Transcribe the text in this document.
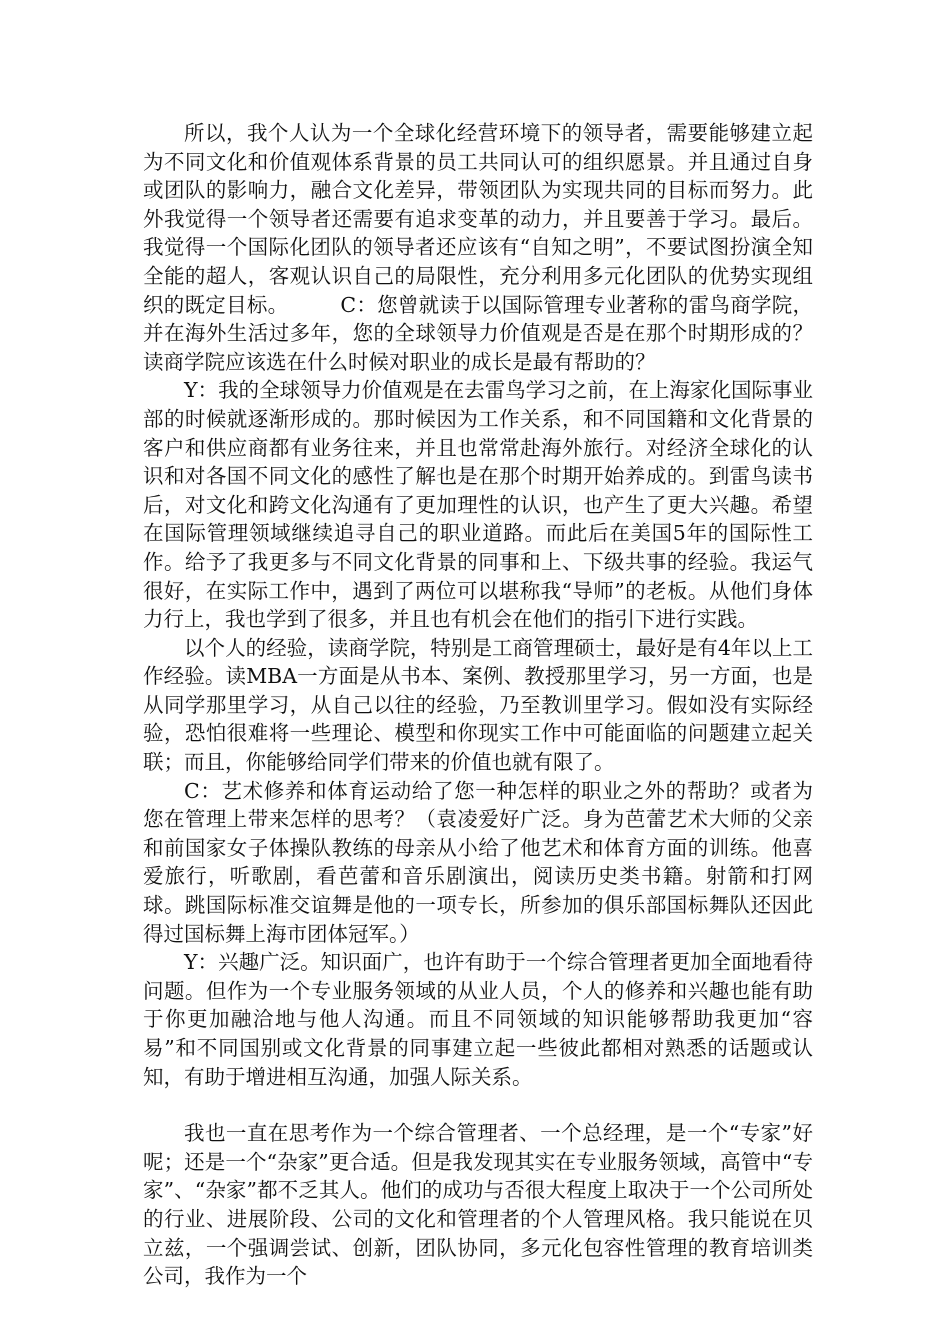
所以，我个人认为一个全球化经营环境下的领导者，需要能够建立起为不同文化和价值观体系背景的员工共同认可的组织愿景。并且通过自身或团队的影响力，融合文化差异，带领团队为实现共同的目标而努力。此外我觉得一个领导者还需要有追求变革的动力，并且要善于学习。最后。我觉得一个国际化团队的领导者还应该有“自知之明”，不要试图扮演全知全能的超人，客观认识自己的局限性，充分利用多元化团队的优势实现组织的既定目标。　　　C：您曾就读于以国际管理专业著称的雷鸟商学院，并在海外生活过多年，您的全球领导力价值观是否是在那个时期形成的？读商学院应该选在什么时候对职业的成长是最有帮助的？

Y：我的全球领导力价值观是在去雷鸟学习之前，在上海家化国际事业部的时候就逐渐形成的。那时候因为工作关系，和不同国籍和文化背景的客户和供应商都有业务往来，并且也常常赴海外旅行。对经济全球化的认识和对各国不同文化的感性了解也是在那个时期开始养成的。到雷鸟读书后，对文化和跨文化沟通有了更加理性的认识，也产生了更大兴趣。希望在国际管理领域继续追寻自己的职业道路。而此后在美国5年的国际性工作。给予了我更多与不同文化背景的同事和上、下级共事的经验。我运气很好，在实际工作中，遇到了两位可以堪称我“导师”的老板。从他们身体力行上，我也学到了很多，并且也有机会在他们的指引下进行实践。

以个人的经验，读商学院，特别是工商管理硕士，最好是有4年以上工作经验。读MBA一方面是从书本、案例、教授那里学习，另一方面，也是从同学那里学习，从自己以往的经验，乃至教训里学习。假如没有实际经验，恐怕很难将一些理论、模型和你现实工作中可能面临的问题建立起关联；而且，你能够给同学们带来的价值也就有限了。

C：艺术修养和体育运动给了您一种怎样的职业之外的帮助？或者为您在管理上带来怎样的思考？（袁凌爱好广泛。身为芭蕾艺术大师的父亲和前国家女子体操队教练的母亲从小给了他艺术和体育方面的训练。他喜爱旅行，听歌剧，看芭蕾和音乐剧演出，阅读历史类书籍。射箭和打网球。跳国际标准交谊舞是他的一项专长，所参加的俱乐部国标舞队还因此得过国标舞上海市团体冠军。）

Y：兴趣广泛。知识面广，也许有助于一个综合管理者更加全面地看待问题。但作为一个专业服务领域的从业人员，个人的修养和兴趣也能有助于你更加融洽地与他人沟通。而且不同领域的知识能够帮助我更加“容易”和不同国别或文化背景的同事建立起一些彼此都相对熟悉的话题或认知，有助于增进相互沟通，加强人际关系。

我也一直在思考作为一个综合管理者、一个总经理，是一个“专家”好呢；还是一个“杂家”更合适。但是我发现其实在专业服务领域，高管中“专家”、“杂家”都不乏其人。他们的成功与否很大程度上取决于一个公司所处的行业、进展阶段、公司的文化和管理者的个人管理风格。我只能说在贝立兹，一个强调尝试、创新，团队协同，多元化包容性管理的教育培训类公司，我作为一个
